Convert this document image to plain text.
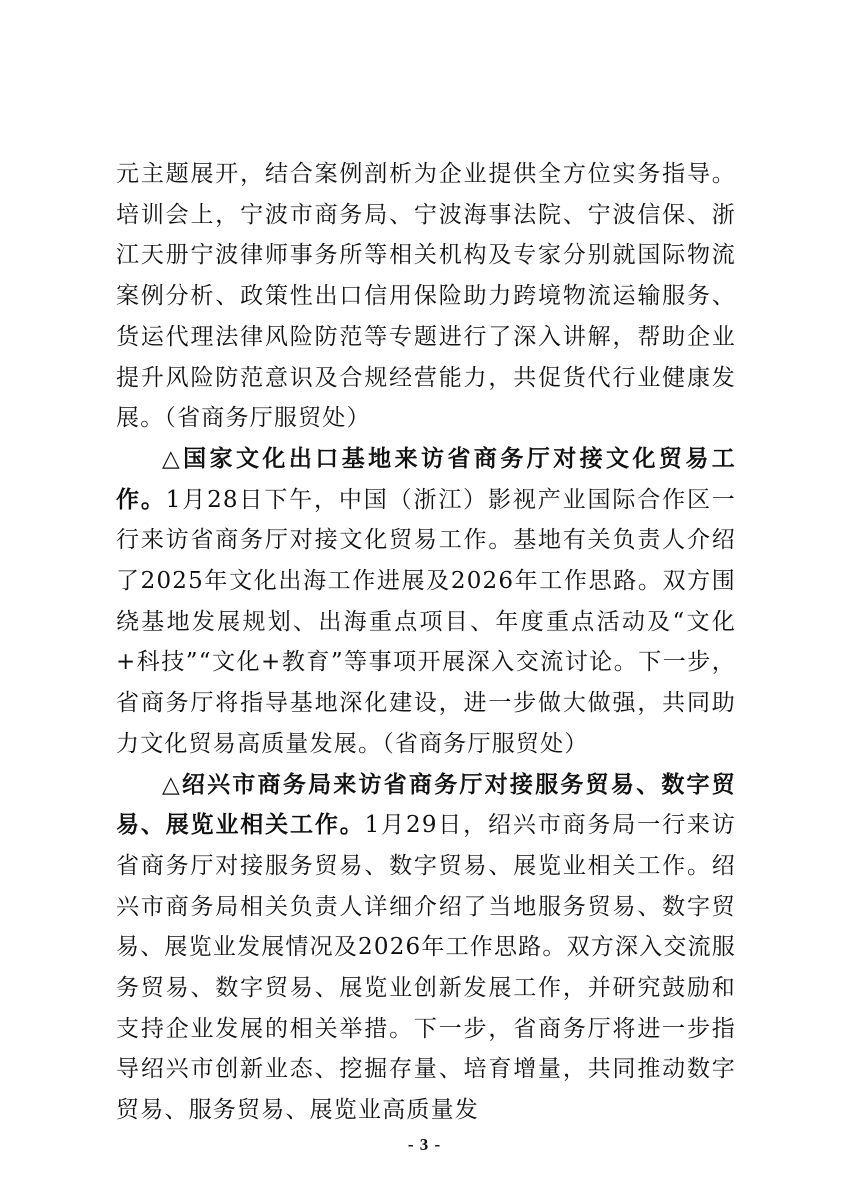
元主题展开，结合案例剖析为企业提供全方位实务指导。培训会上，宁波市商务局、宁波海事法院、宁波信保、浙江天册宁波律师事务所等相关机构及专家分别就国际物流案例分析、政策性出口信用保险助力跨境物流运输服务、货运代理法律风险防范等专题进行了深入讲解，帮助企业提升风险防范意识及合规经营能力，共促货代行业健康发展。（省商务厅服贸处）

△国家文化出口基地来访省商务厅对接文化贸易工作。1月28日下午，中国（浙江）影视产业国际合作区一行来访省商务厅对接文化贸易工作。基地有关负责人介绍了2025年文化出海工作进展及2026年工作思路。双方围绕基地发展规划、出海重点项目、年度重点活动及“文化+科技”“文化+教育”等事项开展深入交流讨论。下一步，省商务厅将指导基地深化建设，进一步做大做强，共同助力文化贸易高质量发展。（省商务厅服贸处）

△绍兴市商务局来访省商务厅对接服务贸易、数字贸易、展览业相关工作。1月29日，绍兴市商务局一行来访省商务厅对接服务贸易、数字贸易、展览业相关工作。绍兴市商务局相关负责人详细介绍了当地服务贸易、数字贸易、展览业发展情况及2026年工作思路。双方深入交流服务贸易、数字贸易、展览业创新发展工作，并研究鼓励和支持企业发展的相关举措。下一步，省商务厅将进一步指导绍兴市创新业态、挖掘存量、培育增量，共同推动数字贸易、服务贸易、展览业高质量发

- 3 -
